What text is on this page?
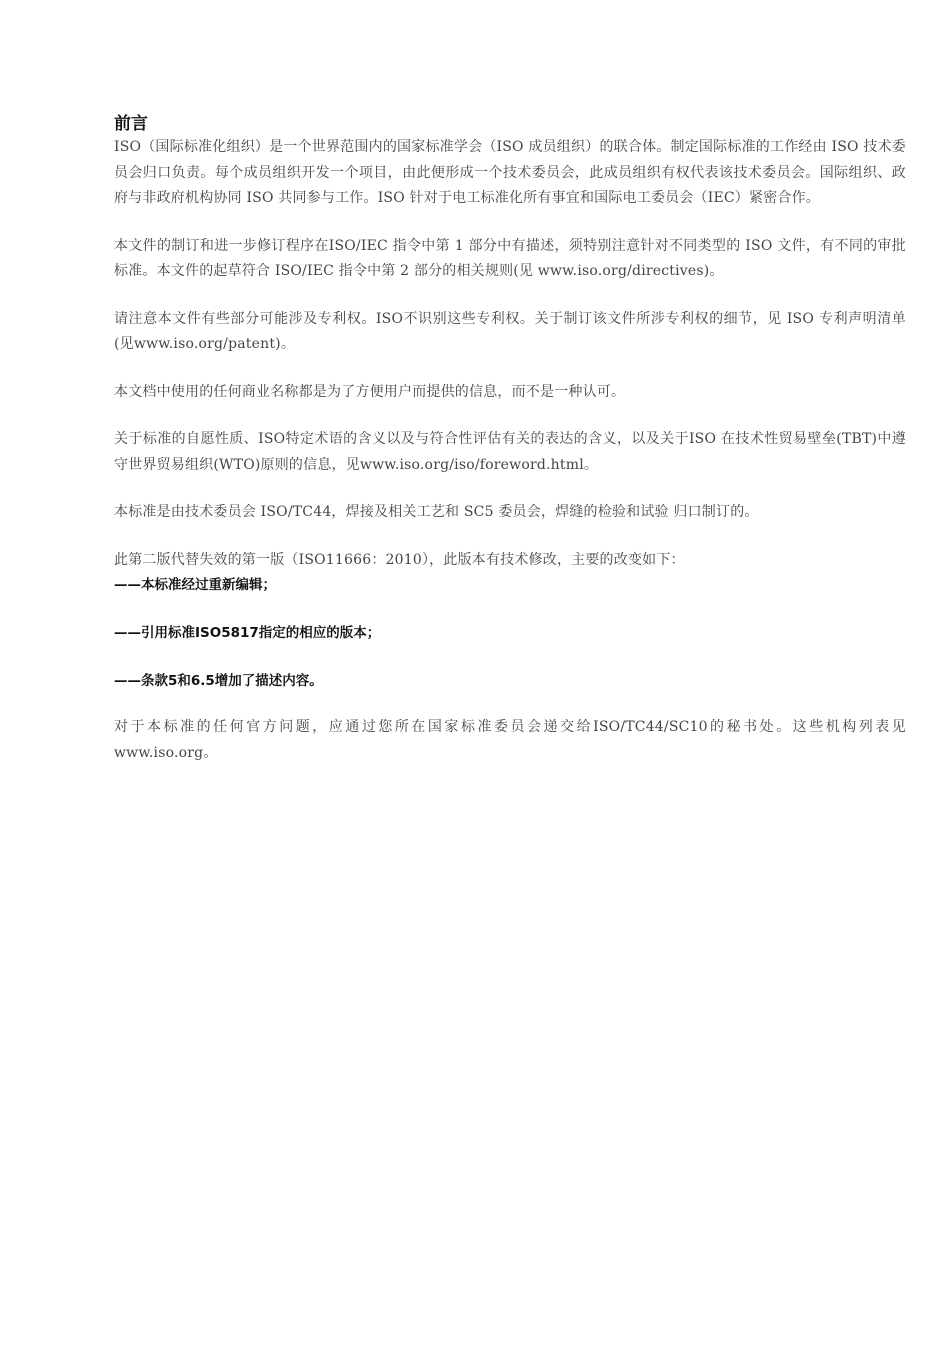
前言

ISO（国际标准化组织）是一个世界范围内的国家标准学会（ISO 成员组织）的联合体。制定国际标准的工作经由 ISO 技术委员会归口负责。每个成员组织开发一个项目，由此便形成一个技术委员会，此成员组织有权代表该技术委员会。国际组织、政府与非政府机构协同 ISO 共同参与工作。ISO 针对于电工标准化所有事宜和国际电工委员会（IEC）紧密合作。

本文件的制订和进一步修订程序在ISO/IEC 指令中第 1 部分中有描述，须特别注意针对不同类型的 ISO 文件，有不同的审批标准。本文件的起草符合 ISO/IEC 指令中第 2 部分的相关规则(见 www.iso.org/directives)。

请注意本文件有些部分可能涉及专利权。ISO不识别这些专利权。关于制订该文件所涉专利权的细节，见 ISO 专利声明清单(见www.iso.org/patent)。

本文档中使用的任何商业名称都是为了方便用户而提供的信息，而不是一种认可。

关于标准的自愿性质、ISO特定术语的含义以及与符合性评估有关的表达的含义，以及关于ISO 在技术性贸易壁垒(TBT)中遵守世界贸易组织(WTO)原则的信息，见www.iso.org/iso/foreword.html。

本标准是由技术委员会 ISO/TC44，焊接及相关工艺和 SC5 委员会，焊缝的检验和试验 归口制订的。

此第二版代替失效的第一版（ISO11666：2010），此版本有技术修改，主要的改变如下：

——本标准经过重新编辑；

——引用标准ISO5817指定的相应的版本；

——条款5和6.5增加了描述内容。

对于本标准的任何官方问题，应通过您所在国家标准委员会递交给ISO/TC44/SC10的秘书处。这些机构列表见www.iso.org。
